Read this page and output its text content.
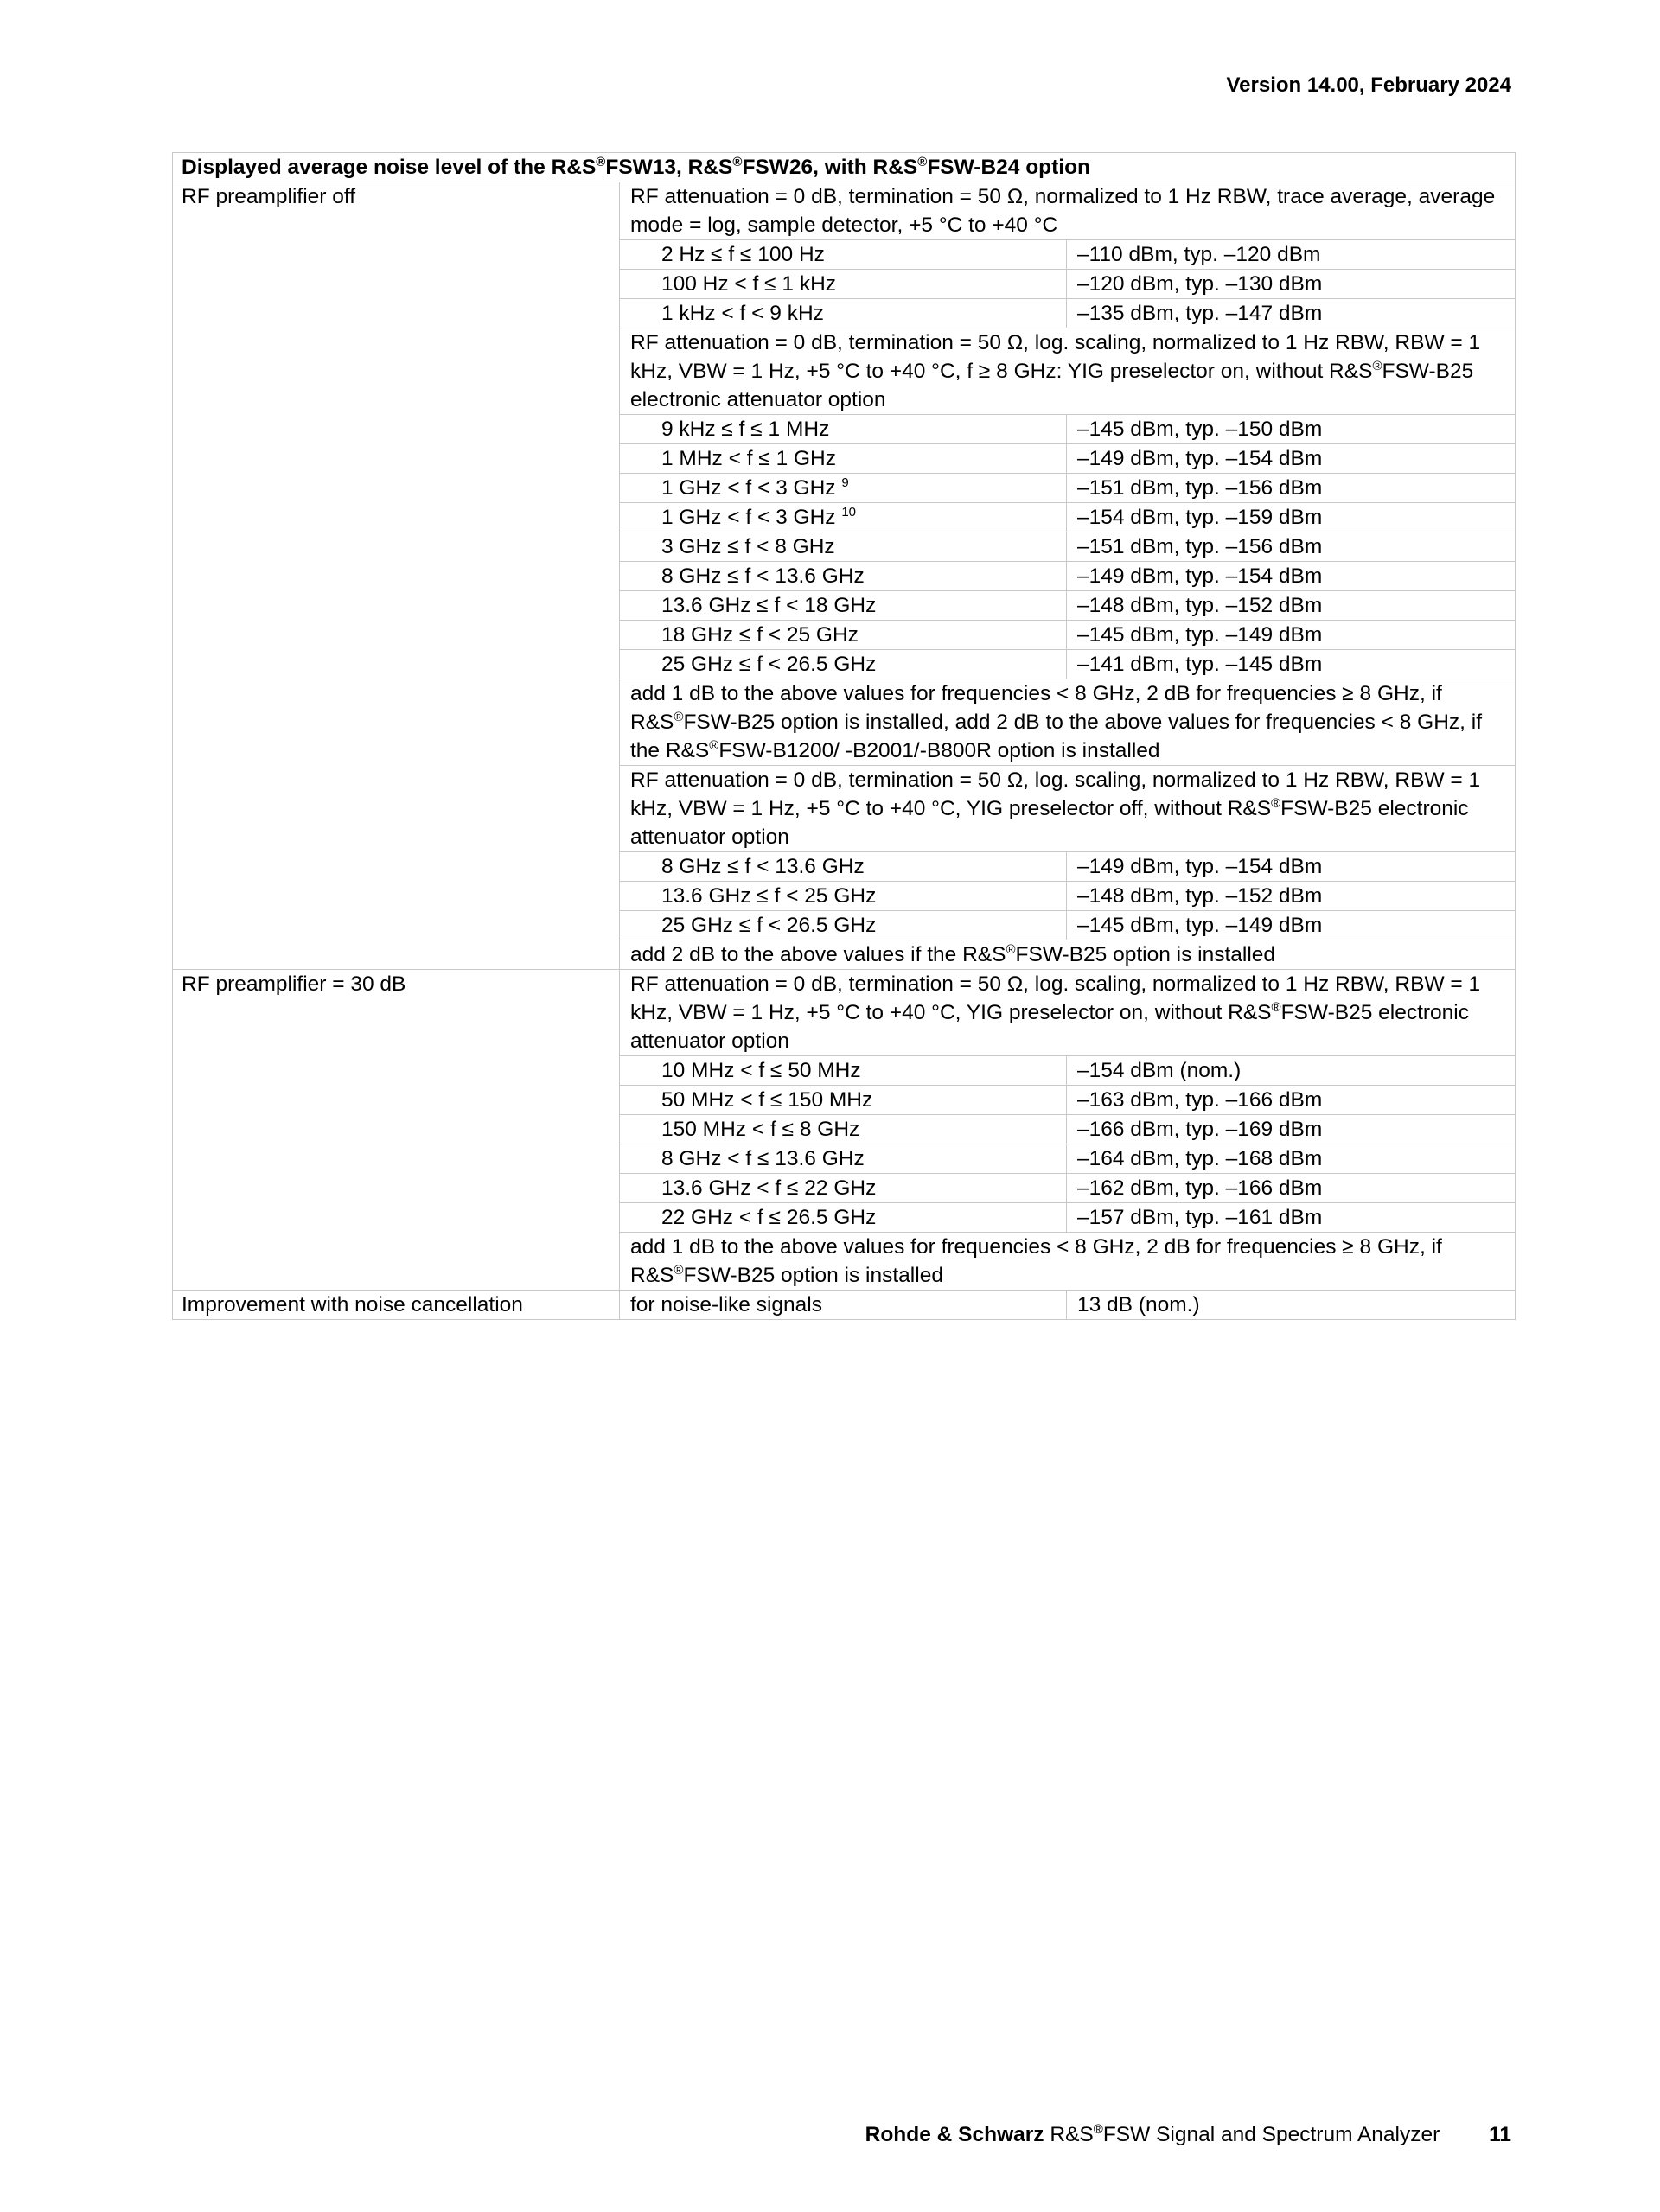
Version 14.00, February 2024
Displayed average noise level of the R&S®FSW13, R&S®FSW26, with R&S®FSW-B24 option		
RF preamplifier off	RF attenuation = 0 dB, termination = 50 Ω, normalized to 1 Hz RBW, trace average, average mode = log, sample detector, +5 °C to +40 °C	
	2 Hz ≤ f ≤ 100 Hz	–110 dBm, typ. –120 dBm
	100 Hz < f ≤ 1 kHz	–120 dBm, typ. –130 dBm
	1 kHz < f < 9 kHz	–135 dBm, typ. –147 dBm
	RF attenuation = 0 dB, termination = 50 Ω, log. scaling, normalized to 1 Hz RBW, RBW = 1 kHz, VBW = 1 Hz, +5 °C to +40 °C, f ≥ 8 GHz: YIG preselector on, without R&S®FSW-B25 electronic attenuator option	
	9 kHz ≤ f ≤ 1 MHz	–145 dBm, typ. –150 dBm
	1 MHz < f ≤ 1 GHz	–149 dBm, typ. –154 dBm
	1 GHz < f < 3 GHz $^9$	–151 dBm, typ. –156 dBm
	1 GHz < f < 3 GHz $^{10}$	–154 dBm, typ. –159 dBm
	3 GHz ≤ f < 8 GHz	–151 dBm, typ. –156 dBm
	8 GHz ≤ f < 13.6 GHz	–149 dBm, typ. –154 dBm
	13.6 GHz ≤ f < 18 GHz	–148 dBm, typ. –152 dBm
	18 GHz ≤ f < 25 GHz	–145 dBm, typ. –149 dBm
	25 GHz ≤ f < 26.5 GHz	–141 dBm, typ. –145 dBm
	add 1 dB to the above values for frequencies < 8 GHz, 2 dB for frequencies ≥ 8 GHz, if R&S®FSW-B25 option is installed, add 2 dB to the above values for frequencies < 8 GHz, if the R&S®FSW-B1200/ -B2001/-B800R option is installed	
	RF attenuation = 0 dB, termination = 50 Ω, log. scaling, normalized to 1 Hz RBW, RBW = 1 kHz, VBW = 1 Hz, +5 °C to +40 °C, YIG preselector off, without R&S®FSW-B25 electronic attenuator option	
	8 GHz ≤ f < 13.6 GHz	–149 dBm, typ. –154 dBm
	13.6 GHz ≤ f < 25 GHz	–148 dBm, typ. –152 dBm
	25 GHz ≤ f < 26.5 GHz	–145 dBm, typ. –149 dBm
	add 2 dB to the above values if the R&S®FSW-B25 option is installed	
RF preamplifier = 30 dB	RF attenuation = 0 dB, termination = 50 Ω, log. scaling, normalized to 1 Hz RBW, RBW = 1 kHz, VBW = 1 Hz, +5 °C to +40 °C, YIG preselector on, without R&S®FSW-B25 electronic attenuator option	
	10 MHz < f ≤ 50 MHz	–154 dBm (nom.)
	50 MHz < f ≤ 150 MHz	–163 dBm, typ. –166 dBm
	150 MHz < f ≤ 8 GHz	–166 dBm, typ. –169 dBm
	8 GHz < f ≤ 13.6 GHz	–164 dBm, typ. –168 dBm
	13.6 GHz < f ≤ 22 GHz	–162 dBm, typ. –166 dBm
	22 GHz < f ≤ 26.5 GHz	–157 dBm, typ. –161 dBm
	add 1 dB to the above values for frequencies < 8 GHz, 2 dB for frequencies ≥ 8 GHz, if R&S®FSW-B25 option is installed	
Improvement with noise cancellation	for noise-like signals	13 dB (nom.)
Rohde & Schwarz R&S®FSW Signal and Spectrum Analyzer 11
